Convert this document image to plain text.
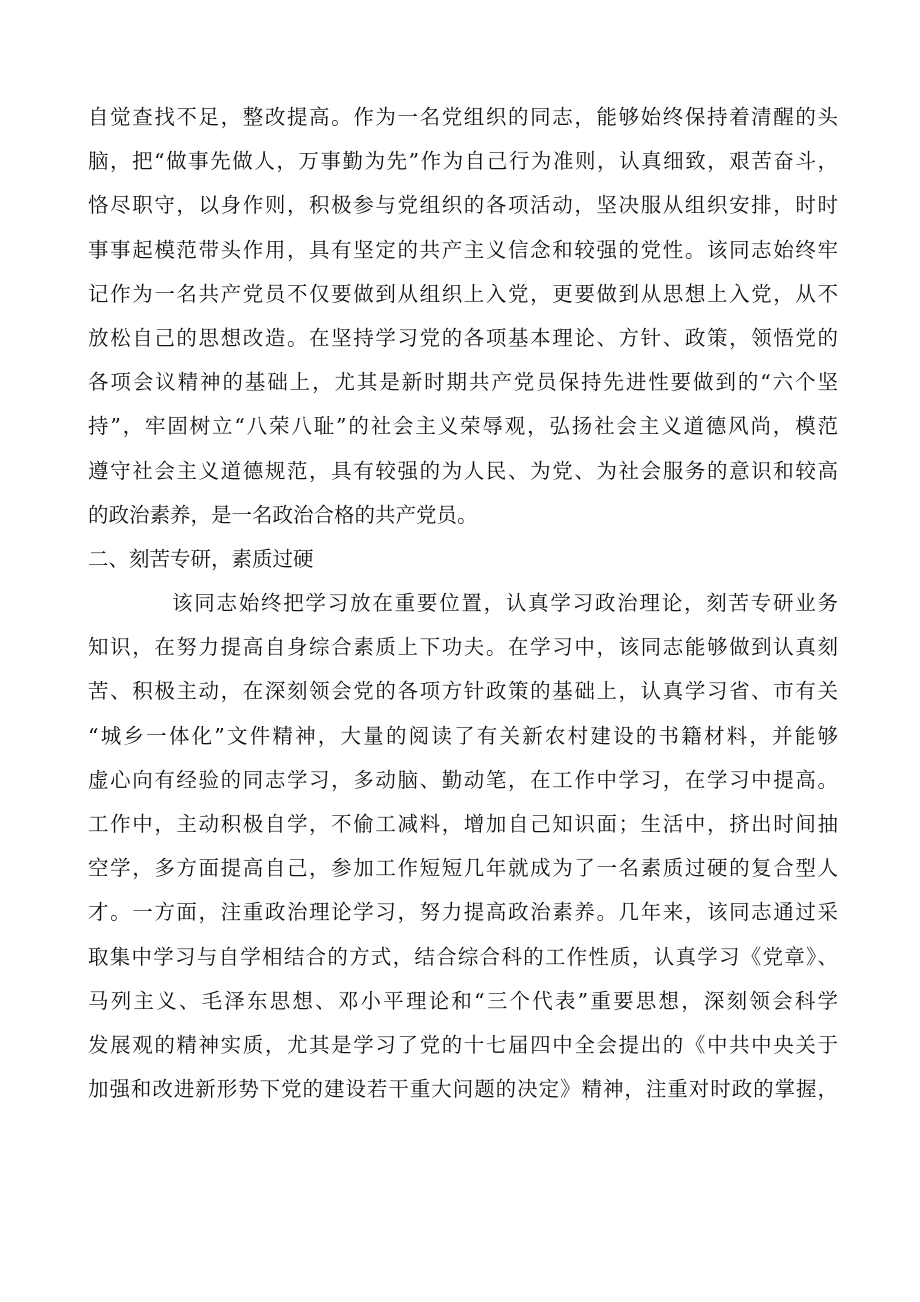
自觉查找不足，整改提高。作为一名党组织的同志，能够始终保持着清醒的头
脑，把“做事先做人，万事勤为先”作为自己行为准则，认真细致，艰苦奋斗，
恪尽职守，以身作则，积极参与党组织的各项活动，坚决服从组织安排，时时
事事起模范带头作用，具有坚定的共产主义信念和较强的党性。该同志始终牢
记作为一名共产党员不仅要做到从组织上入党，更要做到从思想上入党，从不
放松自己的思想改造。在坚持学习党的各项基本理论、方针、政策，领悟党的
各项会议精神的基础上，尤其是新时期共产党员保持先进性要做到的“六个坚
持”，牢固树立“八荣八耻”的社会主义荣辱观，弘扬社会主义道德风尚，模范
遵守社会主义道德规范，具有较强的为人民、为党、为社会服务的意识和较高
的政治素养，是一名政治合格的共产党员。
二、刻苦专研，素质过硬
该同志始终把学习放在重要位置，认真学习政治理论，刻苦专研业务
知识，在努力提高自身综合素质上下功夫。在学习中，该同志能够做到认真刻
苦、积极主动，在深刻领会党的各项方针政策的基础上，认真学习省、市有关
“城乡一体化”文件精神，大量的阅读了有关新农村建设的书籍材料，并能够
虚心向有经验的同志学习，多动脑、勤动笔，在工作中学习，在学习中提高。
工作中，主动积极自学，不偷工减料，增加自己知识面；生活中，挤出时间抽
空学，多方面提高自己，参加工作短短几年就成为了一名素质过硬的复合型人
才。一方面，注重政治理论学习，努力提高政治素养。几年来，该同志通过采
取集中学习与自学相结合的方式，结合综合科的工作性质，认真学习《党章》、
马列主义、毛泽东思想、邓小平理论和“三个代表”重要思想，深刻领会科学
发展观的精神实质，尤其是学习了党的十七届四中全会提出的《中共中央关于
加强和改进新形势下党的建设若干重大问题的决定》精神，注重对时政的掌握，
